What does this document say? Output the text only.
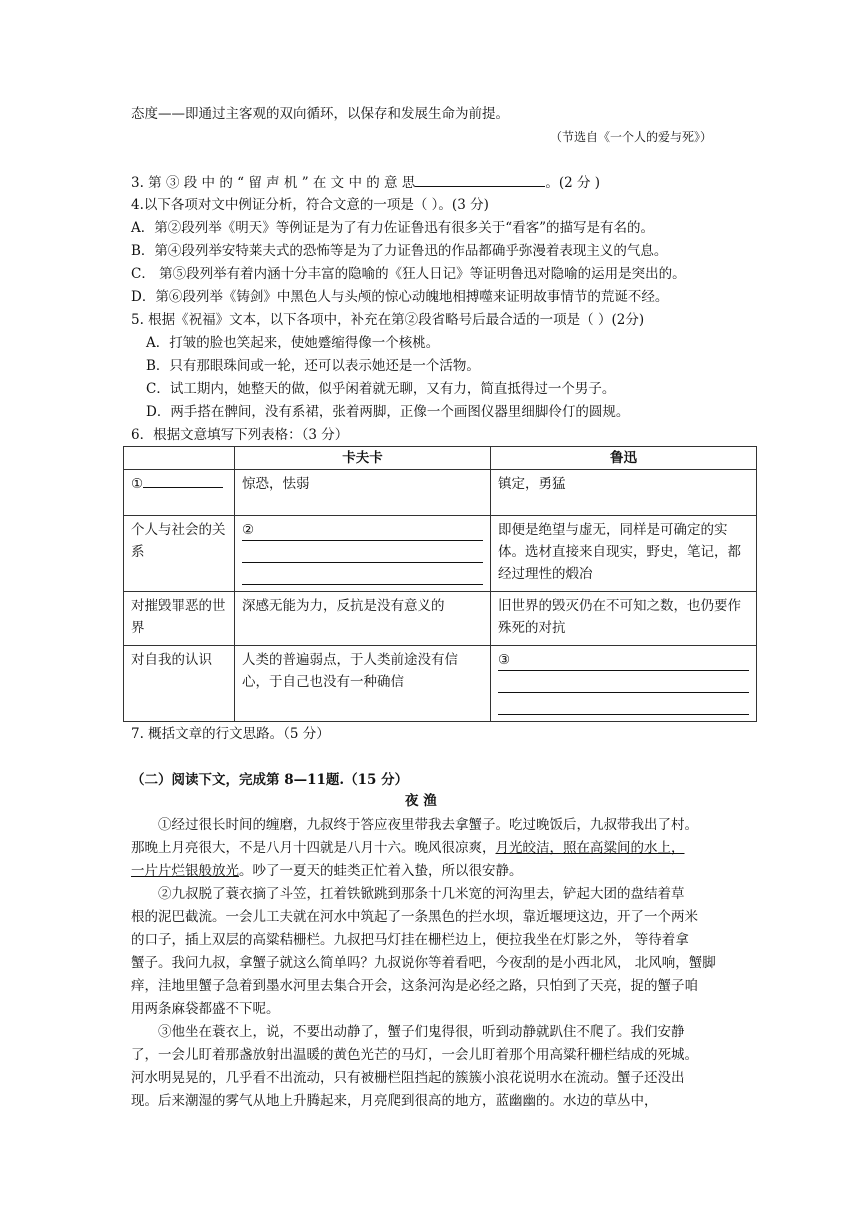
态度——即通过主客观的双向循环，以保存和发展生命为前提。
（节选自《一个人的爱与死》）
3. 第 ③ 段 中 的 “ 留 声 机 ” 在 文 中 的 意 思	。(2 分 )
4.以下各项对文中例证分析，符合文意的一项是（ ）。(3 分)
A．第②段列举《明天》等例证是为了有力佐证鲁迅有很多关于“看客”的描写是有名的。
B．第④段列举安特莱夫式的恐怖等是为了力证鲁迅的作品都确乎弥漫着表现主义的气息。
C． 第⑤段列举有着内涵十分丰富的隐喻的《狂人日记》等证明鲁迅对隐喻的运用是突出的。
D．第⑥段列举《铸剑》中黑色人与头颅的惊心动魄地相搏噬来证明故事情节的荒诞不经。
5. 根据《祝福》文本，以下各项中，补充在第②段省略号后最合适的一项是（ ）(2分)
A．打皱的脸也笑起来，使她蹙缩得像一个核桃。
B．只有那眼珠间或一轮，还可以表示她还是一个活物。
C．试工期内，她整天的做，似乎闲着就无聊，又有力，简直抵得过一个男子。
D．两手搭在髀间，没有系裙，张着两脚，正像一个画图仪器里细脚伶仃的圆规。
6．根据文意填写下列表格：（3 分）
	卡夫卡	鲁迅
①	惊恐，怯弱	镇定，勇猛
个人与社会的关系	②	即便是绝望与虚无，同样是可确定的实体。选材直接来自现实，野史，笔记，都经过理性的煅冶
对摧毁罪恶的世界	深感无能为力，反抗是没有意义的	旧世界的毁灭仍在不可知之数，也仍要作殊死的对抗
对自我的认识	人类的普遍弱点，于人类前途没有信心，于自己也没有一种确信	③
7. 概括文章的行文思路。（5 分）
（二）阅读下文，完成第 8—11题.（15 分）
夜 渔
①经过很长时间的缠磨，九叔终于答应夜里带我去拿蟹子。吃过晚饭后，九叔带我出了村。
那晚上月亮很大，不是八月十四就是八月十六。晚风很凉爽，月光皎洁，照在高粱间的水上，
一片片烂银般放光。吵了一夏天的蛙类正忙着入蛰，所以很安静。
②九叔脱了蓑衣摘了斗笠，扛着铁锨跳到那条十几米宽的河沟里去，铲起大团的盘结着草
根的泥巴截流。一会儿工夫就在河水中筑起了一条黑色的拦水坝，靠近堰埂这边，开了一个两米
的口子，插上双层的高粱秸栅栏。九叔把马灯挂在栅栏边上，便拉我坐在灯影之外， 等待着拿
蟹子。我问九叔，拿蟹子就这么简单吗？九叔说你等着看吧，今夜刮的是小西北风， 北风响，蟹脚
痒，洼地里蟹子急着到墨水河里去集合开会，这条河沟是必经之路，只怕到了天亮，捉的蟹子咱
用两条麻袋都盛不下呢。
③他坐在蓑衣上，说，不要出动静了，蟹子们鬼得很，听到动静就趴住不爬了。我们安静
了，一会儿盯着那盏放射出温暖的黄色光芒的马灯，一会儿盯着那个用高粱秆栅栏结成的死城。
河水明晃晃的，几乎看不出流动，只有被栅栏阻挡起的簇簇小浪花说明水在流动。蟹子还没出
现。后来潮湿的雾气从地上升腾起来，月亮爬到很高的地方，蓝幽幽的。水边的草丛中，
